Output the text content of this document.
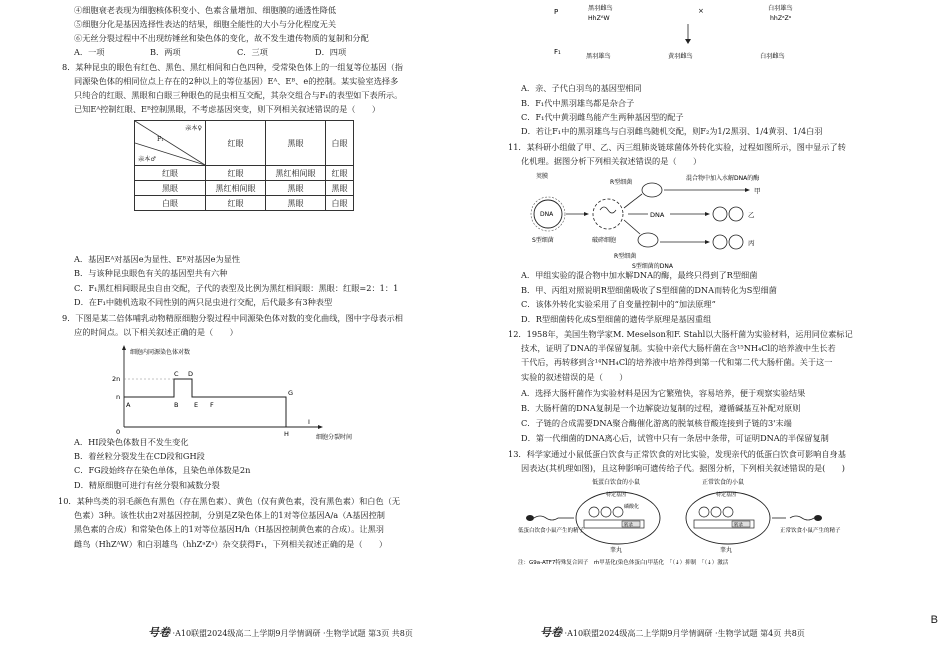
④细胞衰老表现为细胞核体积变小、色素含量增加、细胞膜的通透性降低
⑤细胞分化是基因选择性表达的结果，细胞全能性的大小与分化程度无关
⑥无丝分裂过程中不出现纺锤丝和染色体的变化，故不发生遗传物质的复制和分配
A．一项	B．两项	C．三项	D．四项
8．某种昆虫的眼色有红色、黑色、黑红相间和白色四种，受常染色体上的一组复等位基因（指
同源染色体的相同位点上存在的2种以上的等位基因）Eᴬ、Eᴮ、e的控制。某实验室选择多
只纯合的红眼、黑眼和白眼三种眼色的昆虫相互交配，其杂交组合与F₁的表型如下表所示。
已知Eᴬ控制红眼、Eᴮ控制黑眼，不考虑基因突变，则下列相关叙述错误的是（　　）
亲本♀
F₁
亲本♂	红眼	黑眼	白眼
红眼	红眼	黑红相间眼	红眼
黑眼	黑红相间眼	黑眼	黑眼
白眼	红眼	黑眼	白眼
A．基因Eᴬ对基因e为显性、Eᴮ对基因e为显性
B．与该种昆虫眼色有关的基因型共有六种
C．F₁黑红相间眼昆虫自由交配，子代的表型及比例为黑红相间眼：黑眼：红眼=2：1：1
D．在F₁中随机选取不同性别的两只昆虫进行交配，后代最多有3种表型
9．下图是某二倍体哺乳动物精原细胞分裂过程中同源染色体对数的变化曲线，图中字母表示相
应的时间点。以下相关叙述正确的是（　　）
细胞内同源染色体对数
2n
n
0
细胞分裂时间
A	B
C D
E F
G
H
I
A．HI段染色体数目不发生变化
B．着丝粒分裂发生在CD段和GH段
C．FG段始终存在染色单体，且染色单体数是2n
D．精原细胞可进行有丝分裂和减数分裂
10．某种鸟类的羽毛颜色有黑色（存在黑色素）、黄色（仅有黄色素，没有黑色素）和白色（无
色素）3种。该性状由2对基因控制，分别是Z染色体上的1对等位基因A/a（A基因控制
黑色素的合成）和常染色体上的1对等位基因H/h（H基因控制黄色素的合成）。让黑羽
雌鸟（HhZᴬW）和白羽雄鸟（hhZᵃZᵃ）杂交获得F₁，下列相关叙述正确的是（　　）
号卷 ·A10联盟2024级高二上学期9月学情调研 ·生物学试题 第3页 共8页
P	黑羽雌鸟
HhZᴬW
×	白羽雄鸟
hhZᵃZᵃ
F₁
黑羽雄鸟	黄羽雌鸟	白羽雌鸟
A．亲、子代白羽鸟的基因型相同
B．F₁代中黑羽雄鸟都是杂合子
C．F₁代中黄羽雌鸟能产生两种基因型的配子
D．若让F₁中的黑羽雄鸟与白羽雌鸟随机交配，则F₂为1/2黑羽、1/4黄羽、1/4白羽
11．某科研小组做了甲、乙、丙三组肺炎链球菌体外转化实验，过程如图所示，图中显示了转
化机理。据图分析下列相关叙述错误的是（　　）
荚膜
DNA
S型细菌	破碎细胞
DNA
R型细菌
混合物中加入水解DNA的酶
甲
乙
R型细菌
丙
S型细菌的DNA
A．甲组实验的混合物中加水解DNA的酶，最终只得到了R型细菌
B．甲、丙组对照说明R型细菌吸收了S型细菌的DNA而转化为S型细菌
C．该体外转化实验采用了自变量控制中的“加法原理”
D．R型细菌转化成S型细菌的遗传学原理是基因重组
12．1958年，美国生物学家M. Meselson和F. Stahl以大肠杆菌为实验材料，运用同位素标记
技术，证明了DNA的半保留复制。实验中亲代大肠杆菌在含¹⁵NH₄Cl的培养液中生长若
干代后，再转移到含¹⁴NH₄Cl的培养液中培养得到第一代和第二代大肠杆菌。关于这一
实验的叙述错误的是（　　）
A．选择大肠杆菌作为实验材料是因为它繁殖快，容易培养，便于观察实验结果
B．大肠杆菌的DNA复制是一个边解旋边复制的过程，遵循碱基互补配对原则
C．子链的合成需要DNA聚合酶催化游离的脱氧核苷酸连接到子链的3'末端
D．第一代细菌的DNA离心后，试管中只有一条居中条带，可证明DNA的半保留复制
13．科学家通过小鼠低蛋白饮食与正常饮食的对比实验，发现亲代的低蛋白饮食可影响自身基
因表达(其机理如图)，且这种影响可遗传给子代。据图分析，下列相关叙述错误的是(　　)
低蛋白饮食的小鼠	正常饮食的小鼠
特定基因	特定基因
磷酸化
转录	转录
睾丸	睾丸
低蛋白饮食小鼠产生的精子	正常饮食小鼠产生的精子
注：G9a-ATF7特殊复合因子　ḿ甲基化(染色体蛋白)甲基化　「（↓）抑制　「（↓）激活
号卷 ·A10联盟2024级高二上学期9月学情调研 ·生物学试题 第4页 共8页
B
